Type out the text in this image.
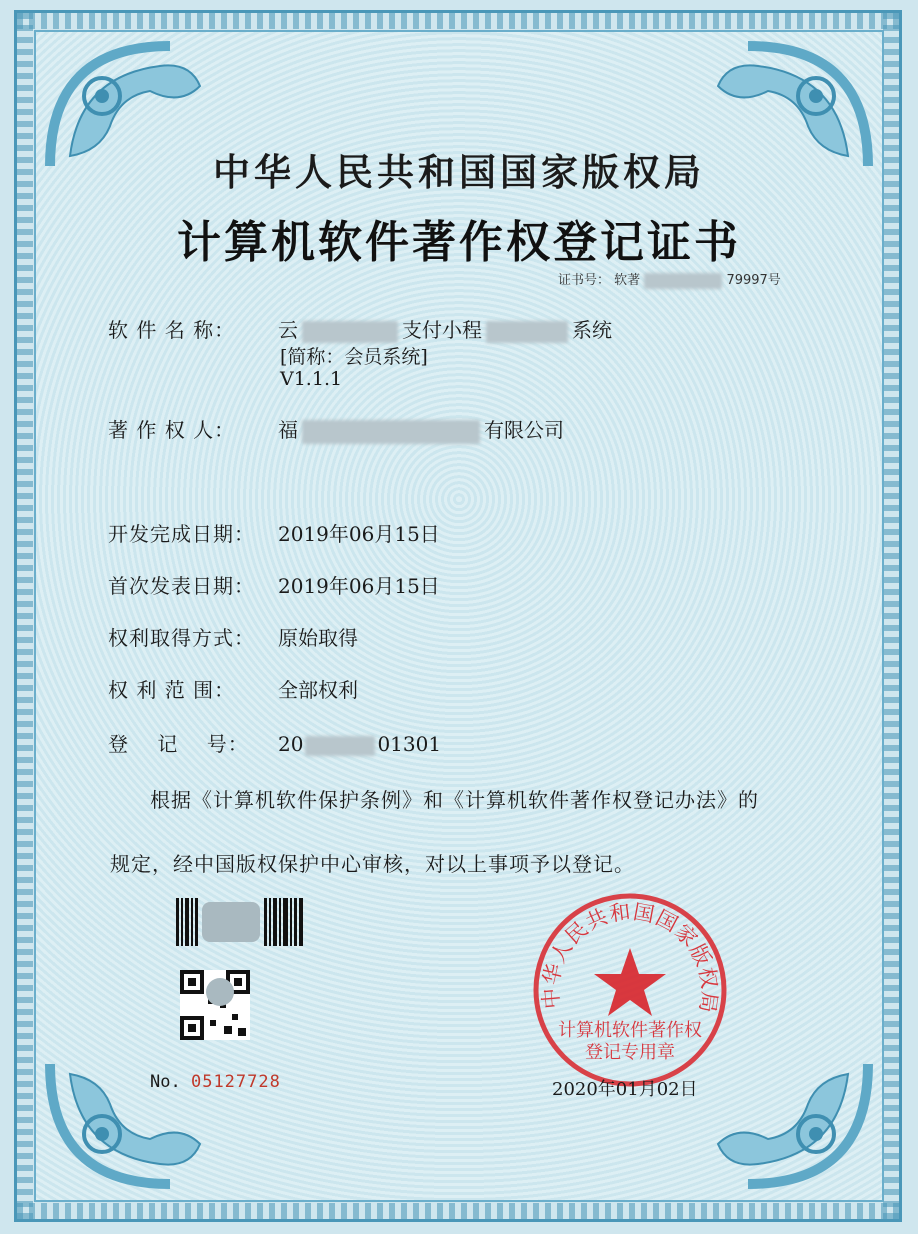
中华人民共和国国家版权局
计算机软件著作权登记证书
证书号： 软著	79997号
软 件 名 称： 云	支付小程	系统
[简称：会员系统]
V1.1.1
著 作 权 人： 福	有限公司
开发完成日期： 2019年06月15日
首次发表日期： 2019年06月15日
权利取得方式： 原始取得
权 利 范 围： 全部权利
登　 记　 号： 20	01301
根据《计算机软件保护条例》和《计算机软件著作权登记办法》的
规定，经中国版权保护中心审核，对以上事项予以登记。
No. 05127728
中华人民共和国国家版权局
计算机软件著作权
登记专用章
2020年01月02日
